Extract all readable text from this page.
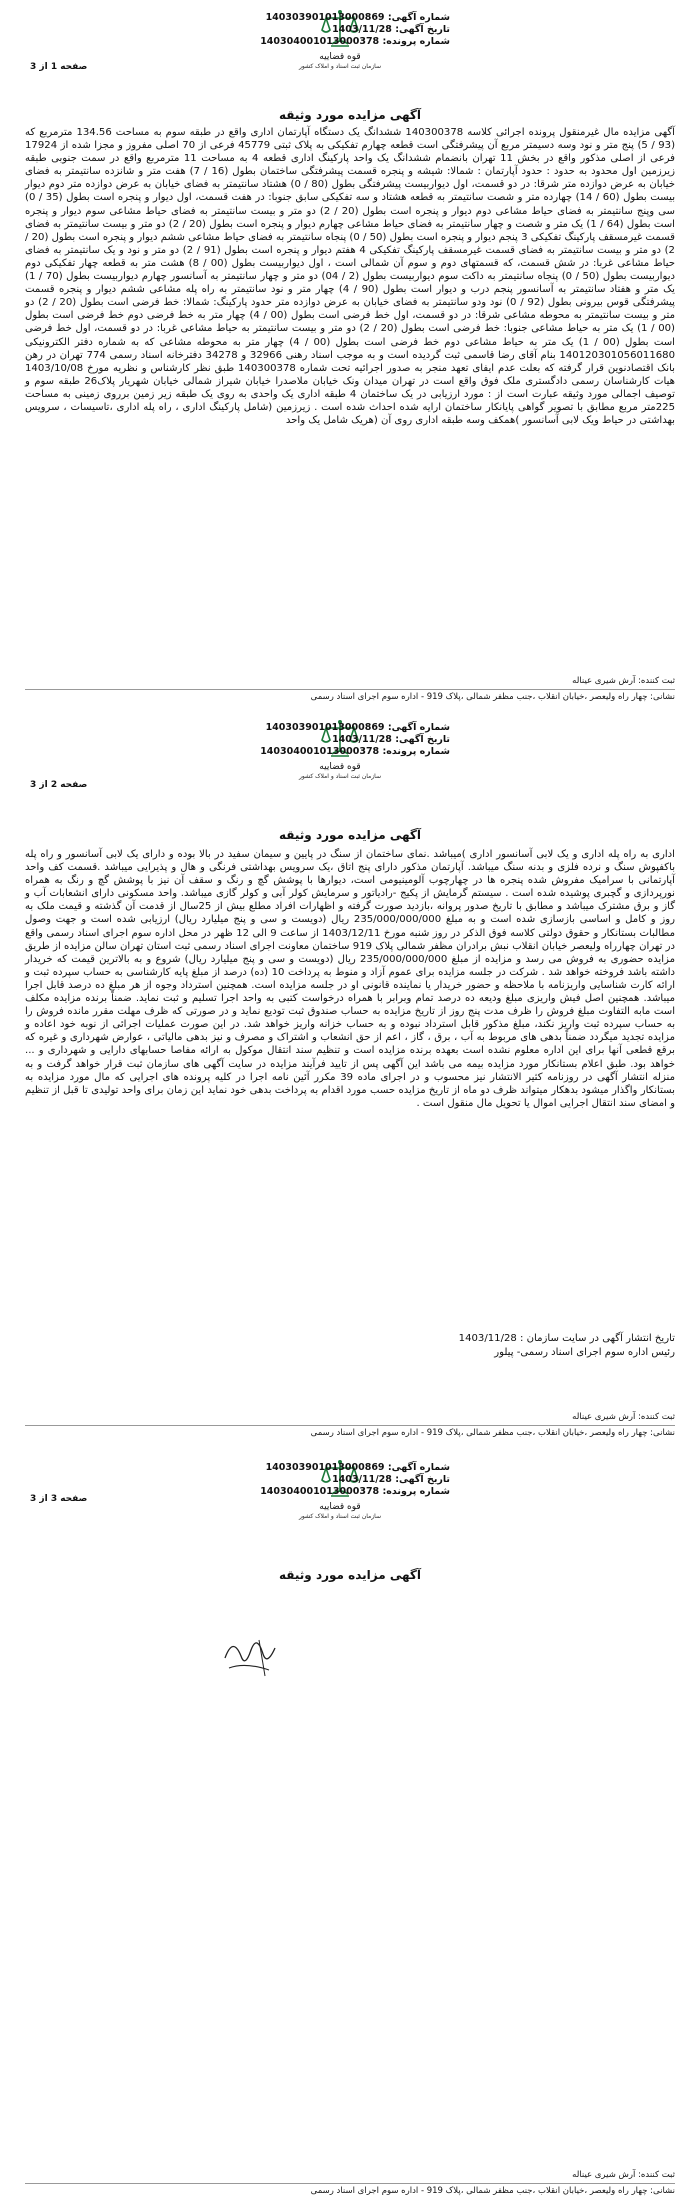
قوه قضاییه
سازمان ثبت اسناد و املاک کشور
شماره آگهی: 140303901013000869
تاریخ آگهی: 1403/11/28
شماره پرونده: 140304001013000378
صفحه 1 از 3
آگهی مزایده مورد وثیقه
آگهی مزایده مال غیرمنقول پرونده اجرائی کلاسه 140300378 ششدانگ یک دستگاه آپارتمان اداری واقع در طبقه سوم به مساحت 134.56 مترمربع که (93 / 5) پنج متر و نود وسه دسیمتر مربع آن پیشرفتگی است قطعه چهارم تفکیکی به پلاک ثبتی 45779 فرعی از 70 اصلی مفروز و مجزا شده از 17924 فرعی از اصلی مذکور واقع در بخش 11 تهران بانضمام ششدانگ یک واحد پارکینگ اداری قطعه 4 به مساحت 11 مترمربع واقع در سمت جنوبی طبقه زیرزمین اول محدود به حدود : حدود آپارتمان : شمالا: شیشه و پنجره قسمت پیشرفتگی ساختمان بطول (16 / 7) هفت متر و شانزده سانتیمتر به فضای خیابان به عرض دوازده متر شرقا: در دو قسمت، اول دیواربیست پیشرفتگی بطول (80 / 0) هشتاد سانتیمتر به فضای خیابان به عرض دوازده متر دوم دیوار بیست بطول (60 / 14) چهارده متر و شصت سانتیمتر به قطعه هشتاد و سه تفکیکی سابق جنوبا: در هفت قسمت، اول دیوار و پنجره است بطول (35 / 0) سی وپنج سانتیمتر به فضای حیاط مشاعی دوم دیوار و پنجره است بطول (20 / 2) دو متر و بیست سانتیمتر به فضای حیاط مشاعی سوم دیوار و پنجره است بطول (64 / 1) یک متر و شصت و چهار سانتیمتر به فضای حیاط مشاعی چهارم دیوار و پنجره است بطول (20 / 2) دو متر و بیست سانتیمتر به فضای قسمت غیرمسقف پارکینگ تفکیکی 3 پنجم دیوار و پنجره است بطول (50 / 0) پنجاه سانتیمتر به فضای حیاط مشاعی ششم دیوار و پنجره است بطول (20 / 2) دو متر و بیست سانتیمتر به فضای قسمت غیرمسقف پارکینگ تفکیکی 4 هفتم دیوار و پنجره است بطول (91 / 2) دو متر و نود و یک سانتیمتر به فضای حیاط مشاعی غربا: در شش قسمت، که قسمتهای دوم و سوم آن شمالی است ، اول دیواربیست بطول (00 / 8) هشت متر به قطعه چهار تفکیکی دوم دیواربیست بطول (50 / 0) پنجاه سانتیمتر به داکت سوم دیواربیست بطول (2 / 04) دو متر و چهار سانتیمتر به آسانسور چهارم دیواربیست بطول (70 / 1) یک متر و هفتاد سانتیمتر به آسانسور پنجم درب و دیوار است بطول (90 / 4) چهار متر و نود سانتیمتر به راه پله مشاعی ششم دیوار و پنجره قسمت پیشرفتگی قوس بیرونی بطول (92 / 0) نود ودو سانتیمتر به فضای خیابان به عرض دوازده متر حدود پارکینگ: شمالا: خط فرضی است بطول (20 / 2) دو متر و بیست سانتیمتر به محوطه مشاعی شرقا: در دو قسمت، اول خط فرضی است بطول (00 / 4) چهار متر به خط فرضی دوم خط فرضی است بطول (00 / 1) یک متر به حیاط مشاعی جنوبا: خط فرضی است بطول (20 / 2) دو متر و بیست سانتیمتر به حیاط مشاعی غربا: در دو قسمت، اول خط فرضی است بطول (00 / 1) یک متر به حیاط مشاعی دوم خط فرضی است بطول (00 / 4) چهار متر به محوطه مشاعی که به شماره دفتر الکترونیکی 140120301056011680 بنام آقای رضا قاسمی ثبت گردیده است و به موجب اسناد رهنی 32966 و 34278 دفترخانه اسناد رسمی 774 تهران در رهن بانک اقتصادنوین قرار گرفته که بعلت عدم ایفای تعهد منجر به صدور اجرائیه تحت شماره 140300378 طبق نظر کارشناس و نظریه مورخ 1403/10/08 هیات کارشناسان رسمی دادگستری ملک فوق واقع است در تهران میدان ونک خیابان ملاصدرا خیابان شیراز شمالی خیابان شهریار پلاک26 طبقه سوم و توصیف اجمالی مورد وثیقه عبارت است از : مورد ارزیابی در یک ساختمان 4 طبقه اداری یک واحدی به روی یک طبقه زیر زمین برروی زمینی به مساحت 225متر مربع مطابق با تصویر گواهی پایانکار ساختمان ارایه شده احداث شده است . زیرزمین (شامل پارکینگ اداری ، راه پله اداری ،تاسیسات ، سرویس بهداشتی در حیاط ویک لابی آسانسور )همکف وسه طبقه اداری روی آن (هریک شامل یک واحد
ثبت کننده: آرش شیری عیناله
نشانی: چهار راه ولیعصر ،خیابان انقلاب ،جنب مظفر شمالی ،پلاک 919 - اداره سوم اجرای اسناد رسمی
قوه قضاییه
سازمان ثبت اسناد و املاک کشور
شماره آگهی: 140303901013000869
تاریخ آگهی: 1403/11/28
شماره پرونده: 140304001013000378
صفحه 2 از 3
آگهی مزایده مورد وثیقه
اداری به راه پله اداری و یک لابی آسانسور اداری )میباشد .نمای ساختمان از سنگ در پایین و سیمان سفید در بالا بوده و دارای یک لابی آسانسور و راه پله باکفپوش سنگ و نرده فلزی و بدنه سنگ میباشد. آپارتمان مذکور دارای پنج اتاق ،یک سرویس بهداشتی فرنگی و هال و پذیرایی میباشد .قسمت کف واحد آپارتمانی با سرامیک مفروش شده پنجره ها در چهارچوب آلومینیومی است، دیوارها با پوشش گچ و رنگ و سقف آن نیز با پوشش گچ و رنگ به همراه نورپردازی و گچبری پوشیده شده است . سیستم گرمایش از پکیج -رادیاتور و سرمایش کولر آبی و کولر گازی میباشد. واحد مسکونی دارای انشعابات آب و گاز و برق مشترک میباشد و مطابق با تاریخ صدور پروانه ،بازدید صورت گرفته و اظهارات افراد مطلع بیش از 25سال از قدمت آن گذشته و قیمت ملک به روز و کامل و اساسی بازسازی شده است و به مبلغ 235/000/000/000 ریال (دویست و سی و پنج میلیارد ریال) ارزیابی شده است و جهت وصول مطالبات بستانکار و حقوق دولتی کلاسه فوق الذکر در روز شنبه مورخ 1403/12/11 از ساعت 9 الی 12 ظهر در محل اداره سوم اجرای اسناد رسمی واقع در تهران چهارراه ولیعصر خیابان انقلاب نبش برادران مظفر شمالی پلاک 919 ساختمان معاونت اجرای اسناد رسمی ثبت استان تهران سالن مزایده از طریق مزایده حضوری به فروش می رسد و مزایده از مبلغ 235/000/000/000 ریال (دویست و سی و پنج میلیارد ریال) شروع و به بالاترین قیمت که خریدار داشته باشد فروخته خواهد شد . شرکت در جلسه مزایده برای عموم آزاد و منوط به پرداخت 10 (ده) درصد از مبلغ پایه کارشناسی به حساب سپرده ثبت و ارائه کارت شناسایی واریزنامه با ملاحظه و حضور خریدار یا نماینده قانونی او در جلسه مزایده است. همچنین استرداد وجوه از هر مبلغ ده درصد قابل اجرا میباشد. همچنین اصل فیش واریزی مبلغ ودیعه ده درصد تمام وبرابر با همراه درخواست کتبی به واحد اجرا تسلیم و ثبت نماید. ضمناً برنده مزایده مکلف است مابه التفاوت مبلغ فروش را ظرف مدت پنج روز از تاریخ مزایده به حساب صندوق ثبت تودیع نماید و در صورتی که ظرف مهلت مقرر مانده فروش را به حساب سپرده ثبت واریز نکند، مبلغ مذکور قابل استرداد نبوده و به حساب خزانه واریز خواهد شد. در این صورت عملیات اجرائی از نوبه خود اعاده و مزایده تجدید میگردد ضمناً بدهی های مربوط به آب ، برق ، گاز ، اعم از حق انشعاب و اشتراک و مصرف و نیز بدهی مالیاتی ، عوارض شهرداری و غیره که برقع قطعی آنها برای این اداره معلوم نشده است بعهده برنده مزایده است و تنظیم سند انتقال موکول به ارائه مفاصا حسابهای دارایی و شهرداری و ... خواهد بود. طبق اعلام بستانکار مورد مزایده بیمه می باشد این آگهی پس از تایید فرآیند مزایده در سایت آگهی های سازمان ثبت قرار خواهد گرفت و به منزله انتشار آگهی در روزنامه کثیر الانتشار نیز محسوب و در اجرای ماده 39 مکرر آئین نامه اجرا در کلیه پرونده های اجرایی که مال مورد مزایده به بستانکار واگذار میشود بدهکار میتواند ظرف دو ماه از تاریخ مزایده حسب مورد اقدام به پرداخت بدهی خود نماید این زمان برای واحد تولیدی تا قبل از تنظیم و امضای سند انتقال اجرایی اموال یا تحویل مال منقول است .
تاریخ انتشار آگهی در سایت سازمان : 1403/11/28
رئیس اداره سوم اجرای اسناد رسمی- پیلور
ثبت کننده: آرش شیری عیناله
نشانی: چهار راه ولیعصر ،خیابان انقلاب ،جنب مظفر شمالی ،پلاک 919 - اداره سوم اجرای اسناد رسمی
قوه قضاییه
سازمان ثبت اسناد و املاک کشور
شماره آگهی: 140303901013000869
تاریخ آگهی: 1403/11/28
شماره پرونده: 140304001013000378
صفحه 3 از 3
آگهی مزایده مورد وثیقه
ثبت کننده: آرش شیری عیناله
نشانی: چهار راه ولیعصر ،خیابان انقلاب ،جنب مظفر شمالی ،پلاک 919 - اداره سوم اجرای اسناد رسمی
